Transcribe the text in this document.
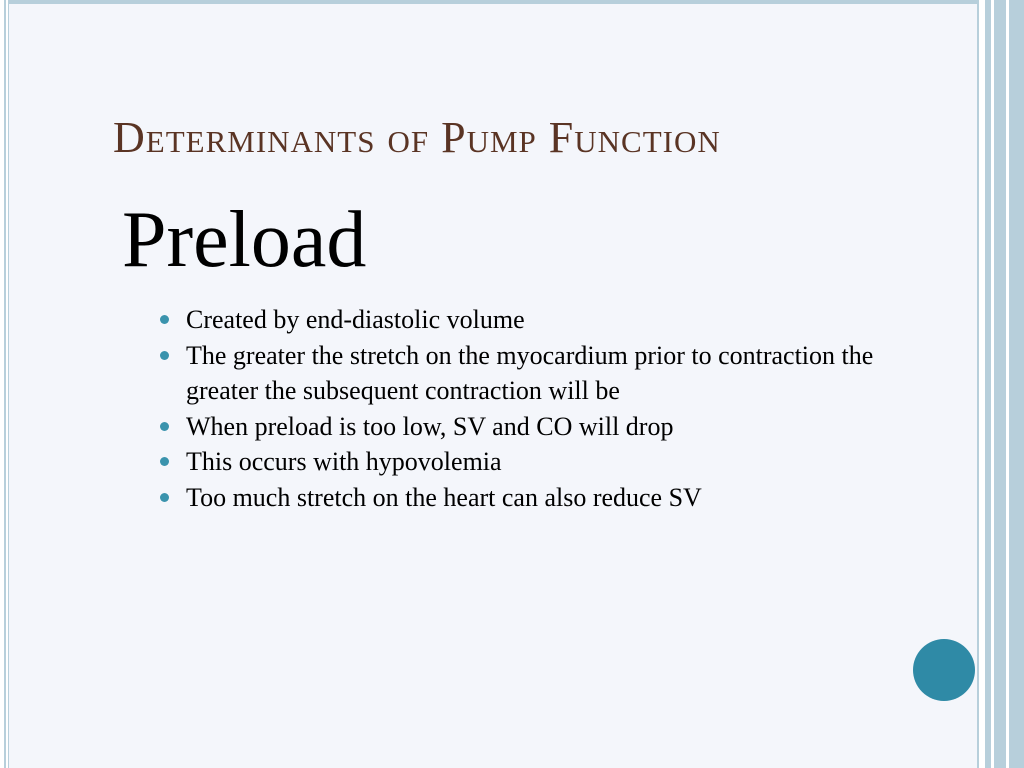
Determinants of Pump Function
Preload
Created by end-diastolic volume
The greater the stretch on the myocardium prior to contraction the greater the subsequent contraction will be
When preload is too low, SV and CO will drop
This occurs with hypovolemia
Too much stretch on the heart can also reduce SV
